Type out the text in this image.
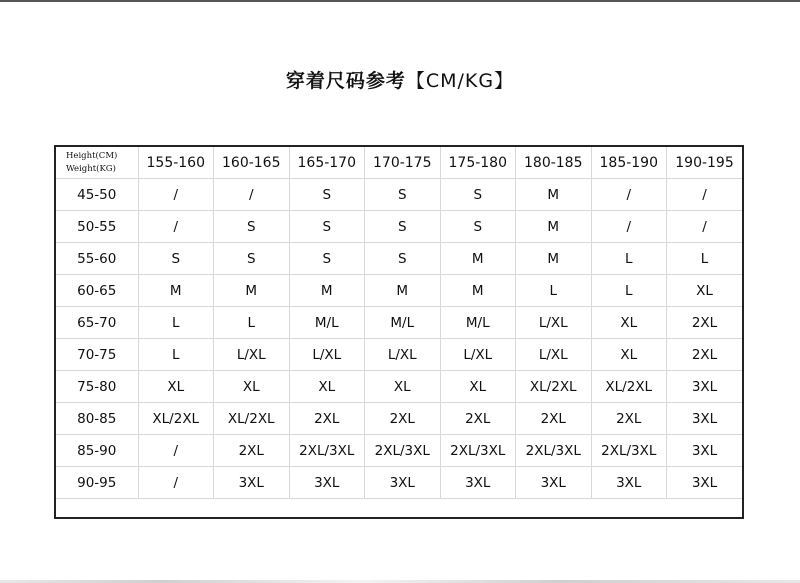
穿着尺码参考【CM/KG】
Height(CM)
Weight(KG)	155-160	160-165	165-170	170-175	175-180	180-185	185-190	190-195
45-50	/	/	S	S	S	M	/	/
50-55	/	S	S	S	S	M	/	/
55-60	S	S	S	S	M	M	L	L
60-65	M	M	M	M	M	L	L	XL
65-70	L	L	M/L	M/L	M/L	L/XL	XL	2XL
70-75	L	L/XL	L/XL	L/XL	L/XL	L/XL	XL	2XL
75-80	XL	XL	XL	XL	XL	XL/2XL	XL/2XL	3XL
80-85	XL/2XL	XL/2XL	2XL	2XL	2XL	2XL	2XL	3XL
85-90	/	2XL	2XL/3XL	2XL/3XL	2XL/3XL	2XL/3XL	2XL/3XL	3XL
90-95	/	3XL	3XL	3XL	3XL	3XL	3XL	3XL
